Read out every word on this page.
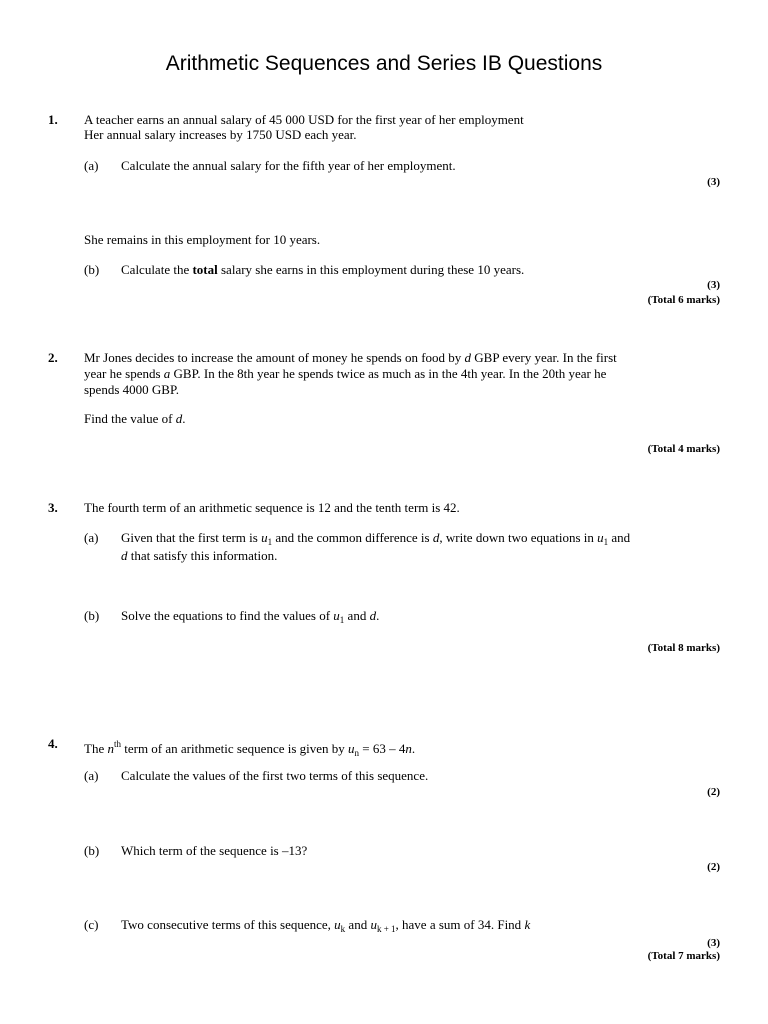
Arithmetic Sequences and Series IB Questions
1. A teacher earns an annual salary of 45 000 USD for the first year of her employment
Her annual salary increases by 1750 USD each year.
(a) Calculate the annual salary for the fifth year of her employment.
(3)
She remains in this employment for 10 years.
(b) Calculate the total salary she earns in this employment during these 10 years.
(3)
(Total 6 marks)
2. Mr Jones decides to increase the amount of money he spends on food by d GBP every year. In the first
year he spends a GBP. In the 8th year he spends twice as much as in the 4th year. In the 20th year he
spends 4000 GBP.
Find the value of d.
(Total 4 marks)
3. The fourth term of an arithmetic sequence is 12 and the tenth term is 42.
(a) Given that the first term is $u_1$ and the common difference is d, write down two equations in $u_1$ and
d that satisfy this information.
(b) Solve the equations to find the values of $u_1$ and d.
(Total 8 marks)
4. The $n^{th}$ term of an arithmetic sequence is given by $u_n = 63 - 4n$.
(a) Calculate the values of the first two terms of this sequence.
(2)
(b) Which term of the sequence is –13?
(2)
(c) Two consecutive terms of this sequence, $u_k$ and $u_{k + 1}$, have a sum of 34. Find k
(3)
(Total 7 marks)
